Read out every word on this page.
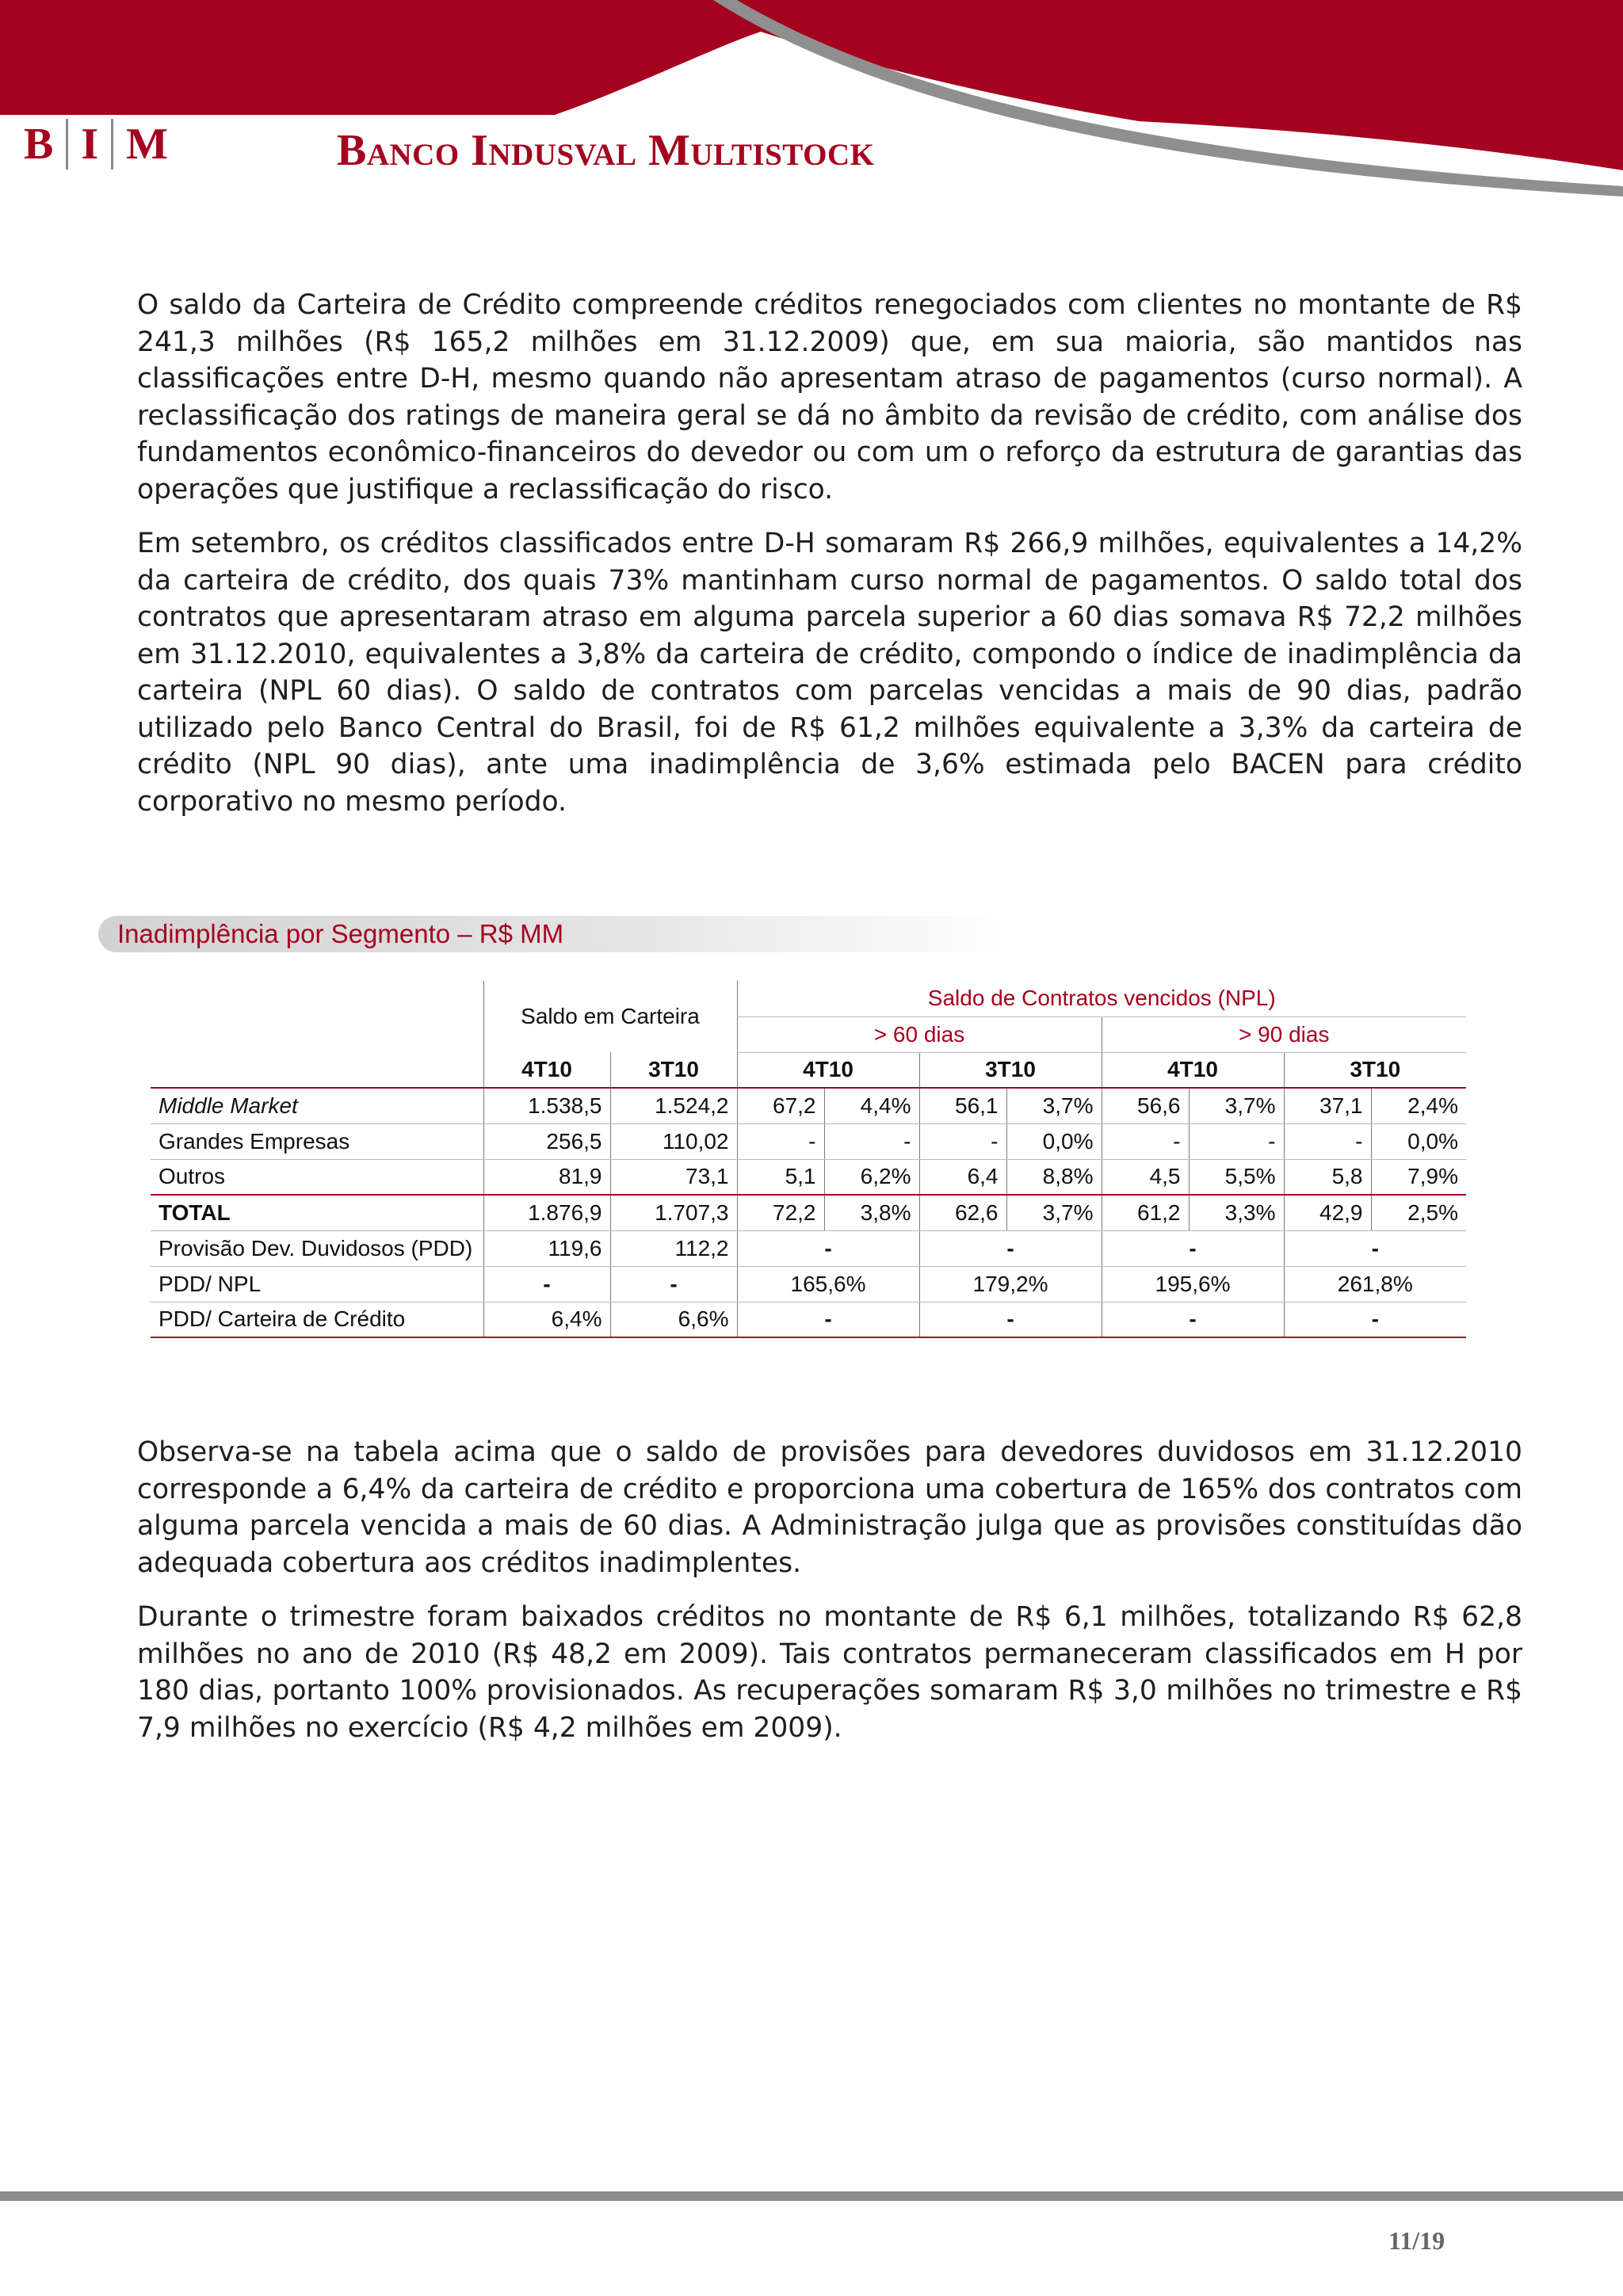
B I M	Banco Indusval Multistock

O saldo da Carteira de Crédito compreende créditos renegociados com clientes no montante de R$ 241,3 milhões (R$ 165,2 milhões em 31.12.2009) que, em sua maioria, são mantidos nas classificações entre D-H, mesmo quando não apresentam atraso de pagamentos (curso normal). A reclassificação dos ratings de maneira geral se dá no âmbito da revisão de crédito, com análise dos fundamentos econômico-financeiros do devedor ou com um o reforço da estrutura de garantias das operações que justifique a reclassificação do risco.

Em setembro, os créditos classificados entre D-H somaram R$ 266,9 milhões, equivalentes a 14,2% da carteira de crédito, dos quais 73% mantinham curso normal de pagamentos. O saldo total dos contratos que apresentaram atraso em alguma parcela superior a 60 dias somava R$ 72,2 milhões em 31.12.2010, equivalentes a 3,8% da carteira de crédito, compondo o índice de inadimplência da carteira (NPL 60 dias). O saldo de contratos com parcelas vencidas a mais de 90 dias, padrão utilizado pelo Banco Central do Brasil, foi de R$ 61,2 milhões equivalente a 3,3% da carteira de crédito (NPL 90 dias), ante uma inadimplência de 3,6% estimada pelo BACEN para crédito corporativo no mesmo período.

Inadimplência por Segmento – R$ MM
	Saldo em Carteira		Saldo de Contratos vencidos (NPL)							
			> 60 dias				> 90 dias			
	4T10	3T10	4T10		3T10		4T10		3T10	
Middle Market	1.538,5	1.524,2	67,2	4,4%	56,1	3,7%	56,6	3,7%	37,1	2,4%
Grandes Empresas	256,5	110,02	-	-	-	0,0%	-	-	-	0,0%
Outros	81,9	73,1	5,1	6,2%	6,4	8,8%	4,5	5,5%	5,8	7,9%
TOTAL	1.876,9	1.707,3	72,2	3,8%	62,6	3,7%	61,2	3,3%	42,9	2,5%
Provisão Dev. Duvidosos (PDD)	119,6	112,2	-		-		-		-	
PDD/ NPL	-	-	165,6%		179,2%		195,6%		261,8%	
PDD/ Carteira de Crédito	6,4%	6,6%	-		-		-		-	

Observa-se na tabela acima que o saldo de provisões para devedores duvidosos em 31.12.2010 corresponde a 6,4% da carteira de crédito e proporciona uma cobertura de 165% dos contratos com alguma parcela vencida a mais de 60 dias. A Administração julga que as provisões constituídas dão adequada cobertura aos créditos inadimplentes.

Durante o trimestre foram baixados créditos no montante de R$ 6,1 milhões, totalizando R$ 62,8 milhões no ano de 2010 (R$ 48,2 em 2009). Tais contratos permaneceram classificados em H por 180 dias, portanto 100% provisionados. As recuperações somaram R$ 3,0 milhões no trimestre e R$ 7,9 milhões no exercício (R$ 4,2 milhões em 2009).

11/19
